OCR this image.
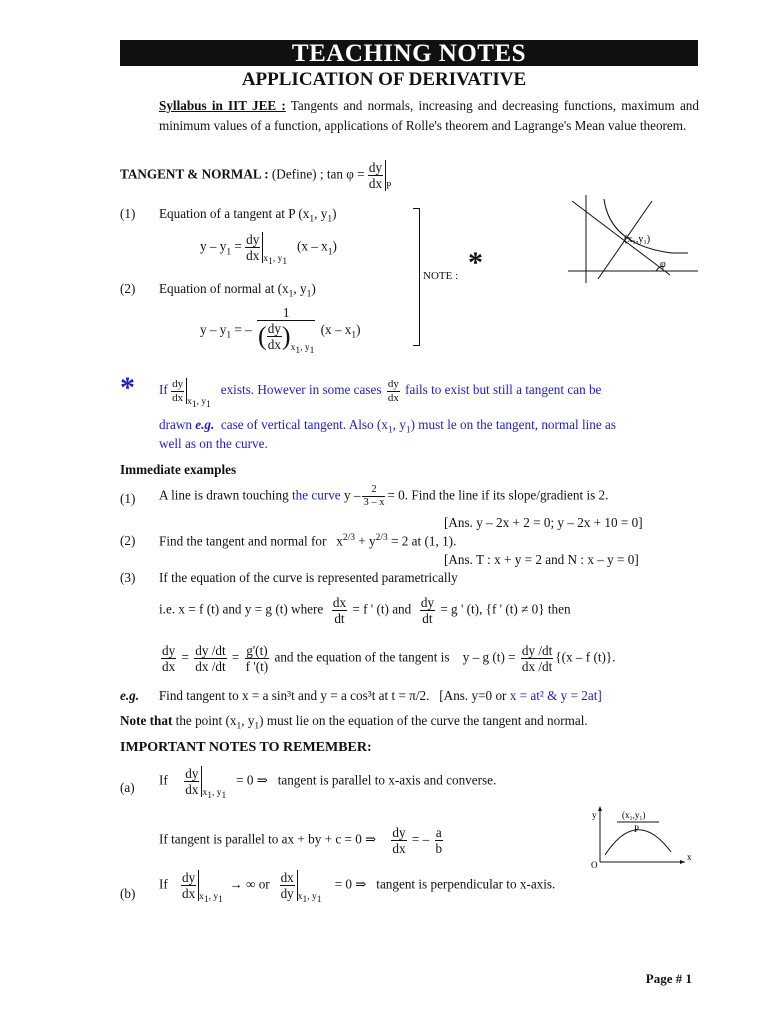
TEACHING NOTES
APPLICATION OF DERIVATIVE
Syllabus in IIT JEE : Tangents and normals, increasing and decreasing functions, maximum and minimum values of a function, applications of Rolle's theorem and Lagrange's Mean value theorem.
TANGENT & NORMAL : (Define) ; $\tan \varphi = \frac{dy}{dx} _P$
(1) Equation of a tangent at P ($x_1$, $y_1$)
$y - y_1 = \frac{dy}{dx} _{x_1, y_1}$   $(x - x_1)$
(2) Equation of normal at ($x_1$, $y_1$)
y – $y_1$ = – $\frac{1}{( \frac{dy}{dx} )_{x_1, y_1}} (x - x_1)$
NOTE : *
(x₁,y₁)
φ
* If $\frac{dy}{dx} _{x_1, y_1}$   exists. However in some cases $\frac{dy}{dx}$ fails to exist but still a tangent can be
drawn e.g. case of vertical tangent. Also ($x_1$, $y_1$) must le on the tangent, normal line as
well as on the curve.
Immediate examples
(1) A line is drawn touching the curve $y - \frac{2}{3 - x} = 0$. Find the line if its slope/gradient is 2.
[Ans. y – 2x + 2 = 0; y – 2x + 10 = 0]
(2) Find the tangent and normal for   $x^{2/3} + y^{2/3} = 2$ at (1, 1).
[Ans. T : x + y = 2 and N : x – y = 0]
(3) If the equation of the curve is represented parametrically
i.e. x = f (t) and y = g (t) where $\frac{dx}{dt} = f$ ' (t) and $\frac{dy}{dt} = g$ ' (t), {f ' (t) ≠ 0} then
$\frac{dy}{dx} = \frac{dy /dt}{dx /dt} = \frac{g'(t)}{f '(t)}$ and the equation of the tangent is y – g $(t) = \frac{dy /dt}{dx /dt} \{(x - f$ (t)}.
e.g. Find tangent to x = a sin³t and y = a cos³t at t = π/2. [Ans. y=0 or x = at² & y = 2at]
Note that the point ($x_1$, $y_1$) must lie on the equation of the curve the tangent and normal.
IMPORTANT NOTES TO REMEMBER:
(a) If $\frac{dy}{dx} _{x_1, y_1} = 0$ ⇒ tangent is parallel to x-axis and converse.
If tangent is parallel to ax + by + c = 0 ⇒ $\frac{dy}{dx}$ = – $\frac{a}{b}$
y	(x₁,y₁)
P
x
O
(b)
If $\frac{dy}{dx} _{x_1, y_1}$  → ∞ or $\frac{dx}{dy} _{x_1, y_1}$    = 0 ⇒ tangent is perpendicular to x-axis.
Page # 1
